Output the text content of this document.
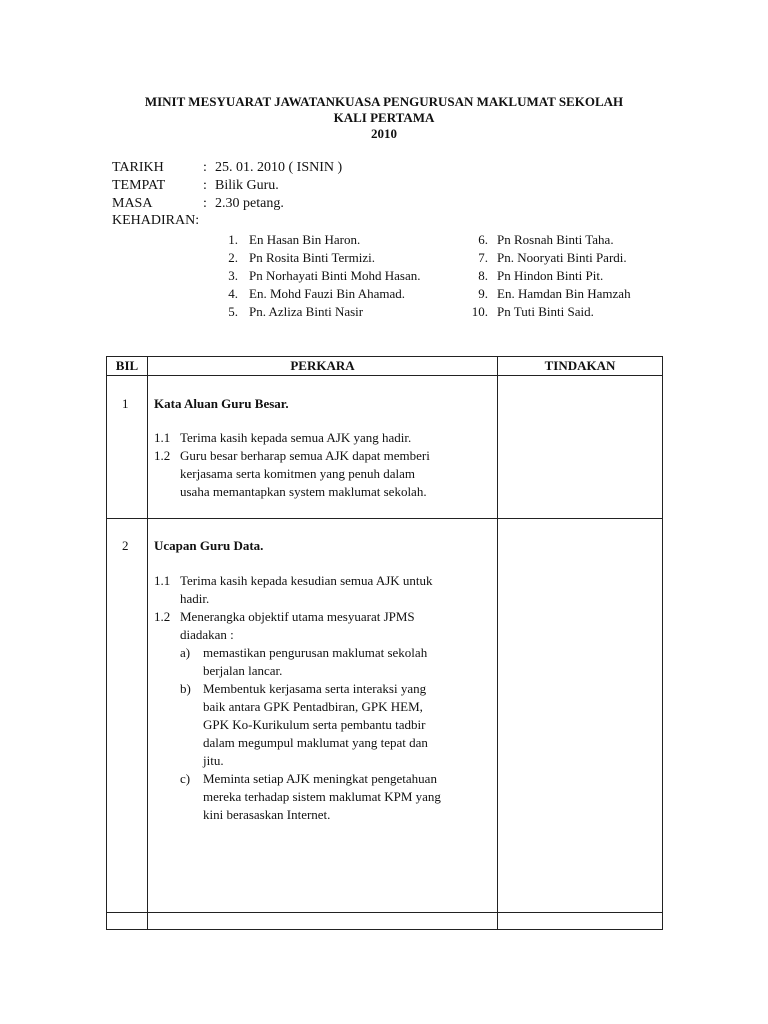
MINIT MESYUARAT JAWATANKUASA PENGURUSAN MAKLUMAT SEKOLAH
KALI PERTAMA
2010
TARIKH	: 25. 01. 2010 ( ISNIN )
TEMPAT	: Bilik Guru.
MASA	: 2.30 petang.
KEHADIRAN:
1. En Hasan Bin Haron.
2. Pn Rosita Binti Termizi.
3. Pn Norhayati Binti Mohd Hasan.
4. En. Mohd Fauzi Bin Ahamad.
5. Pn. Azliza Binti Nasir
6. Pn Rosnah Binti Taha.
7. Pn. Nooryati Binti Pardi.
8. Pn Hindon Binti Pit.
9. En. Hamdan Bin Hamzah
10. Pn Tuti Binti Said.
BIL	PERKARA	TINDAKAN
1 Kata Aluan Guru Besar.
1.1 Terima kasih kepada semua AJK yang hadir.
1.2 Guru besar berharap semua AJK dapat memberi
kerjasama serta komitmen yang penuh dalam
usaha memantapkan system maklumat sekolah.
2 Ucapan Guru Data.
1.1 Terima kasih kepada kesudian semua AJK untuk
hadir.
1.2 Menerangka objektif utama mesyuarat JPMS
diadakan :
a) memastikan pengurusan maklumat sekolah
berjalan lancar.
b) Membentuk kerjasama serta interaksi yang
baik antara GPK Pentadbiran, GPK HEM,
GPK Ko-Kurikulum serta pembantu tadbir
dalam megumpul maklumat yang tepat dan
jitu.
c) Meminta setiap AJK meningkat pengetahuan
mereka terhadap sistem maklumat KPM yang
kini berasaskan Internet.
